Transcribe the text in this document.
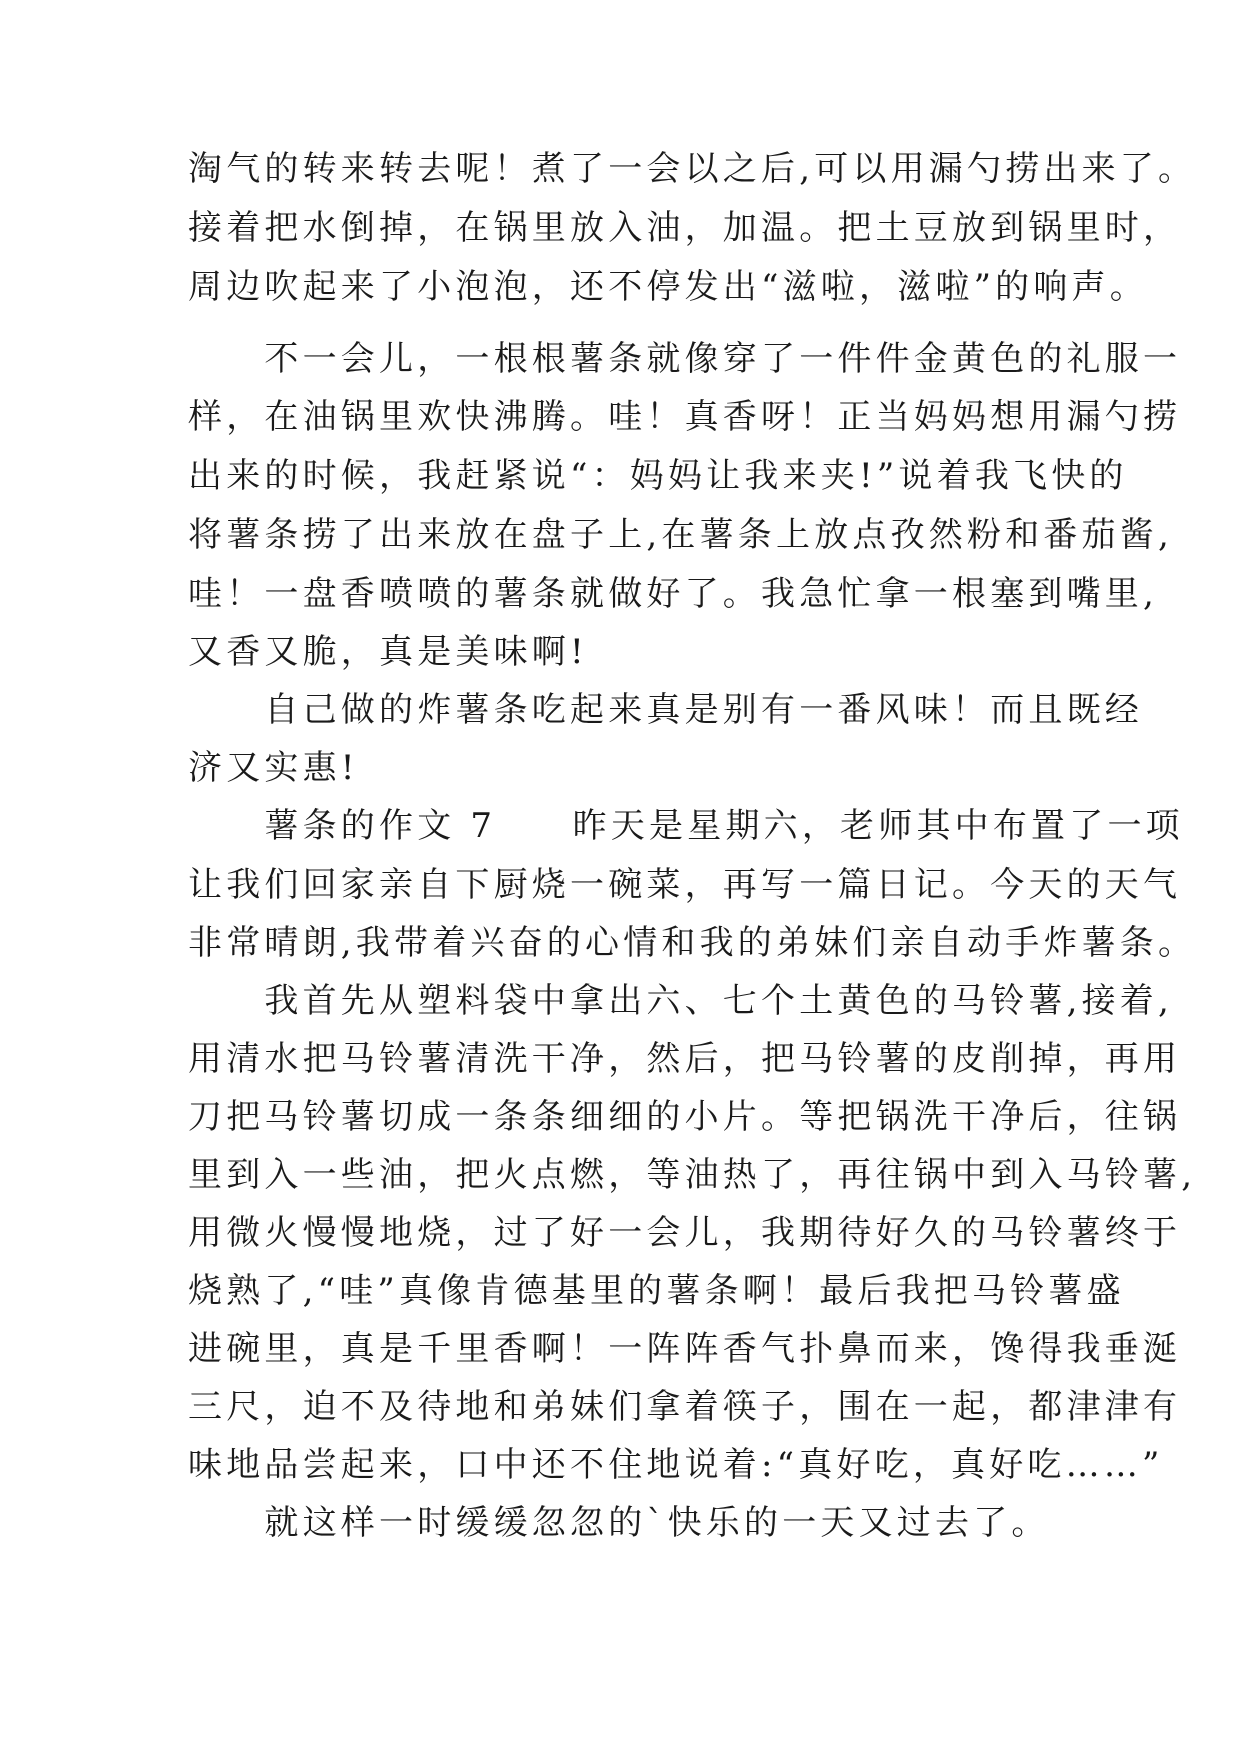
淘气的转来转去呢！煮了一会以之后,可以用漏勺捞出来了。
接着把水倒掉，在锅里放入油，加温。把土豆放到锅里时，
周边吹起来了小泡泡，还不停发出“滋啦，滋啦”的响声。
　　不一会儿，一根根薯条就像穿了一件件金黄色的礼服一
样，在油锅里欢快沸腾。哇！真香呀！正当妈妈想用漏勺捞
出来的时候，我赶紧说“：妈妈让我来夹!”说着我飞快的
将薯条捞了出来放在盘子上,在薯条上放点孜然粉和番茄酱,
哇！一盘香喷喷的薯条就做好了。我急忙拿一根塞到嘴里,
又香又脆，真是美味啊!
　　自己做的炸薯条吃起来真是别有一番风味！而且既经
济又实惠!
　　薯条的作文 7　　昨天是星期六，老师其中布置了一项
让我们回家亲自下厨烧一碗菜，再写一篇日记。今天的天气
非常晴朗,我带着兴奋的心情和我的弟妹们亲自动手炸薯条。
　　我首先从塑料袋中拿出六、七个土黄色的马铃薯,接着,
用清水把马铃薯清洗干净，然后，把马铃薯的皮削掉，再用
刀把马铃薯切成一条条细细的小片。等把锅洗干净后，往锅
里到入一些油，把火点燃，等油热了，再往锅中到入马铃薯,
用微火慢慢地烧，过了好一会儿，我期待好久的马铃薯终于
烧熟了,“哇”真像肯德基里的薯条啊！最后我把马铃薯盛
进碗里，真是千里香啊！一阵阵香气扑鼻而来，馋得我垂涎
三尺，迫不及待地和弟妹们拿着筷子，围在一起，都津津有
味地品尝起来，口中还不住地说着:“真好吃，真好吃……”
　　就这样一时缓缓忽忽的`快乐的一天又过去了。
